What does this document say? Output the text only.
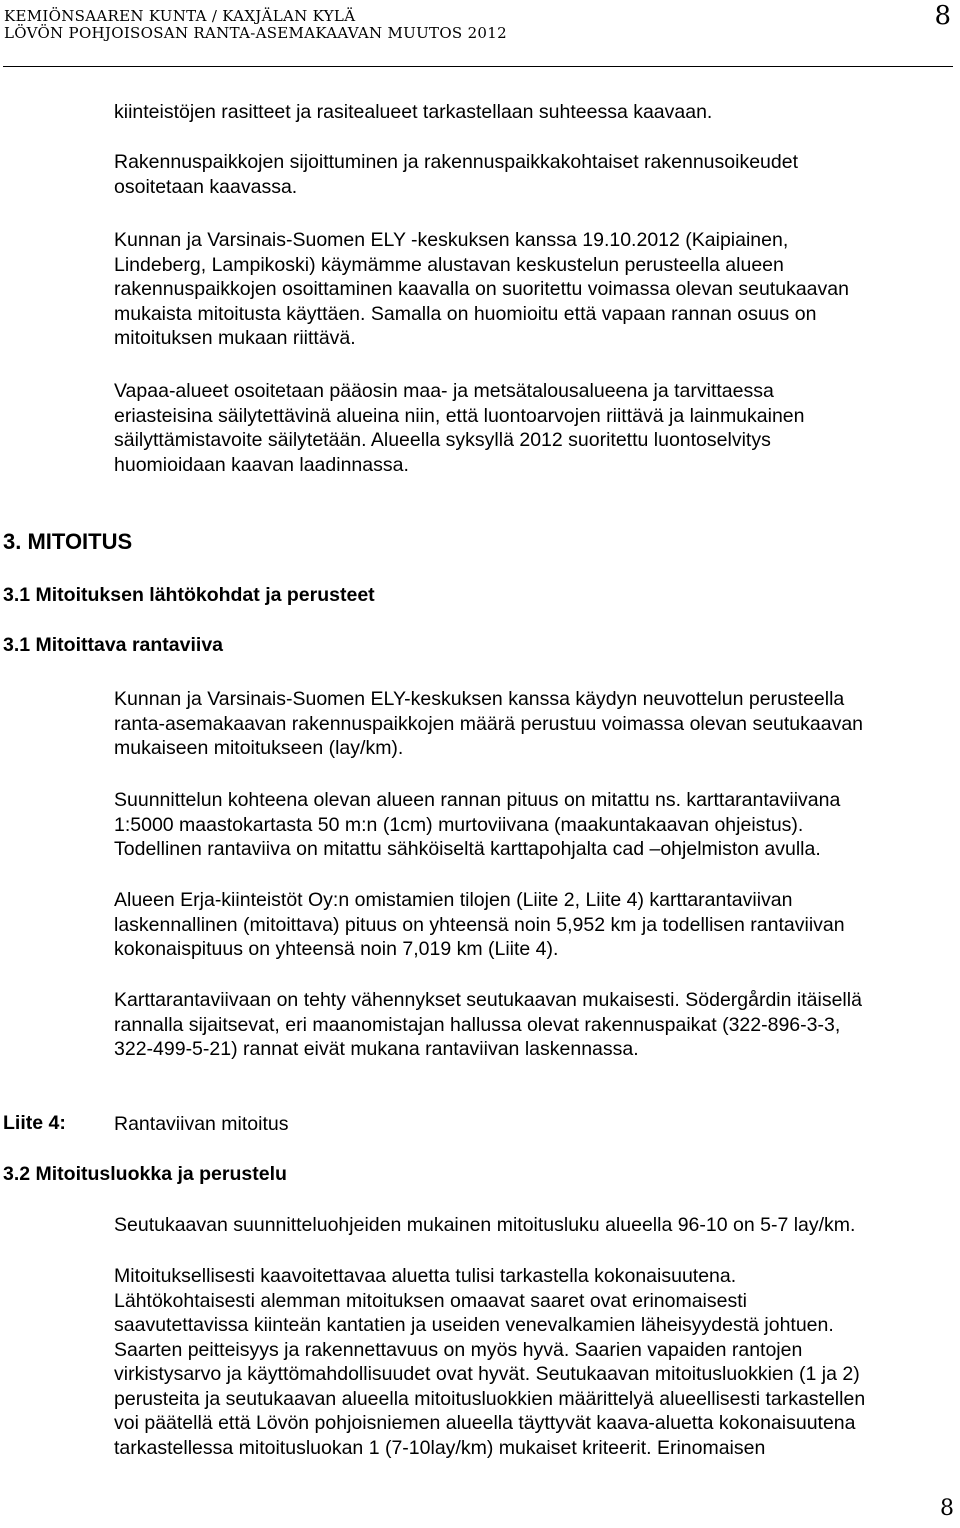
KEMIÖNSAAREN KUNTA / KAXJÄLAN KYLÄ
LÖVÖN POHJOISOSAN RANTA-ASEMAKAAVAN MUUTOS 2012
8
kiinteistöjen rasitteet ja rasitealueet tarkastellaan suhteessa kaavaan.
Rakennuspaikkojen sijoittuminen ja rakennuspaikkakohtaiset rakennusoikeudet
osoitetaan kaavassa.
Kunnan ja Varsinais-Suomen ELY -keskuksen kanssa 19.10.2012 (Kaipiainen,
Lindeberg, Lampikoski) käymämme alustavan keskustelun perusteella alueen
rakennuspaikkojen osoittaminen kaavalla on suoritettu voimassa olevan seutukaavan
mukaista mitoitusta käyttäen. Samalla on huomioitu että vapaan rannan osuus on
mitoituksen mukaan riittävä.
Vapaa-alueet osoitetaan pääosin maa- ja metsätalousalueena ja tarvittaessa
eriasteisina säilytettävinä alueina niin, että luontoarvojen riittävä ja lainmukainen
säilyttämistavoite säilytetään. Alueella syksyllä 2012 suoritettu luontoselvitys
huomioidaan kaavan laadinnassa.
3. MITOITUS
3.1 Mitoituksen lähtökohdat ja perusteet
3.1 Mitoittava rantaviiva
Kunnan ja Varsinais-Suomen ELY-keskuksen kanssa käydyn neuvottelun perusteella
ranta-asemakaavan rakennuspaikkojen määrä perustuu voimassa olevan seutukaavan
mukaiseen mitoitukseen (lay/km).
Suunnittelun kohteena olevan alueen rannan pituus on mitattu ns. karttarantaviivana
1:5000 maastokartasta 50 m:n (1cm) murtoviivana (maakuntakaavan ohjeistus).
Todellinen rantaviiva on mitattu sähköiseltä karttapohjalta cad –ohjelmiston avulla.
Alueen Erja-kiinteistöt Oy:n omistamien tilojen (Liite 2, Liite 4) karttarantaviivan
laskennallinen (mitoittava) pituus on yhteensä noin 5,952 km ja todellisen rantaviivan
kokonaispituus on yhteensä noin 7,019 km (Liite 4).
Karttarantaviivaan on tehty vähennykset seutukaavan mukaisesti. Södergårdin itäisellä
rannalla sijaitsevat, eri maanomistajan hallussa olevat rakennuspaikat (322-896-3-3,
322-499-5-21) rannat eivät mukana rantaviivan laskennassa.
Liite 4: Rantaviivan mitoitus
3.2 Mitoitusluokka ja perustelu
Seutukaavan suunnitteluohjeiden mukainen mitoitusluku alueella 96-10 on 5-7 lay/km.
Mitoituksellisesti kaavoitettavaa aluetta tulisi tarkastella kokonaisuutena.
Lähtökohtaisesti alemman mitoituksen omaavat saaret ovat erinomaisesti
saavutettavissa kiinteän kantatien ja useiden venevalkamien läheisyydestä johtuen.
Saarten peitteisyys ja rakennettavuus on myös hyvä. Saarien vapaiden rantojen
virkistysarvo ja käyttömahdollisuudet ovat hyvät. Seutukaavan mitoitusluokkien (1 ja 2)
perusteita ja seutukaavan alueella mitoitusluokkien määrittelyä alueellisesti tarkastellen
voi päätellä että Lövön pohjoisniemen alueella täyttyvät kaava-aluetta kokonaisuutena
tarkastellessa mitoitusluokan 1 (7-10lay/km) mukaiset kriteerit. Erinomaisen
8
